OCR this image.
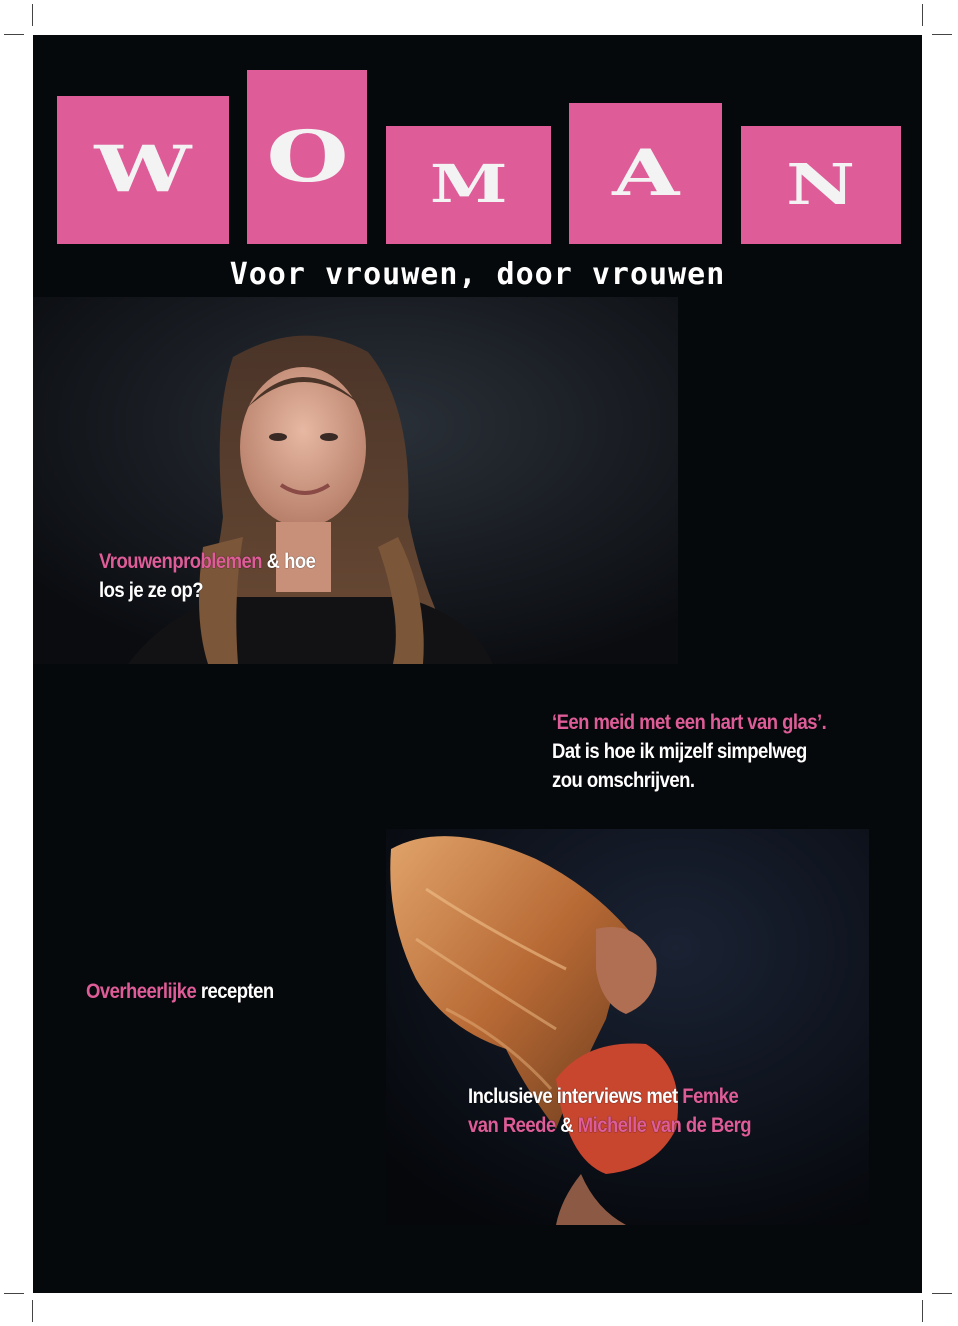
W O M A N
Voor vrouwen, door vrouwen
Vrouwenproblemen & hoe
los je ze op?
‘Een meid met een hart van glas’.
Dat is hoe ik mijzelf simpelweg
zou omschrijven.
Overheerlijke recepten
Inclusieve interviews met Femke
van Reede & Michelle van de Berg
